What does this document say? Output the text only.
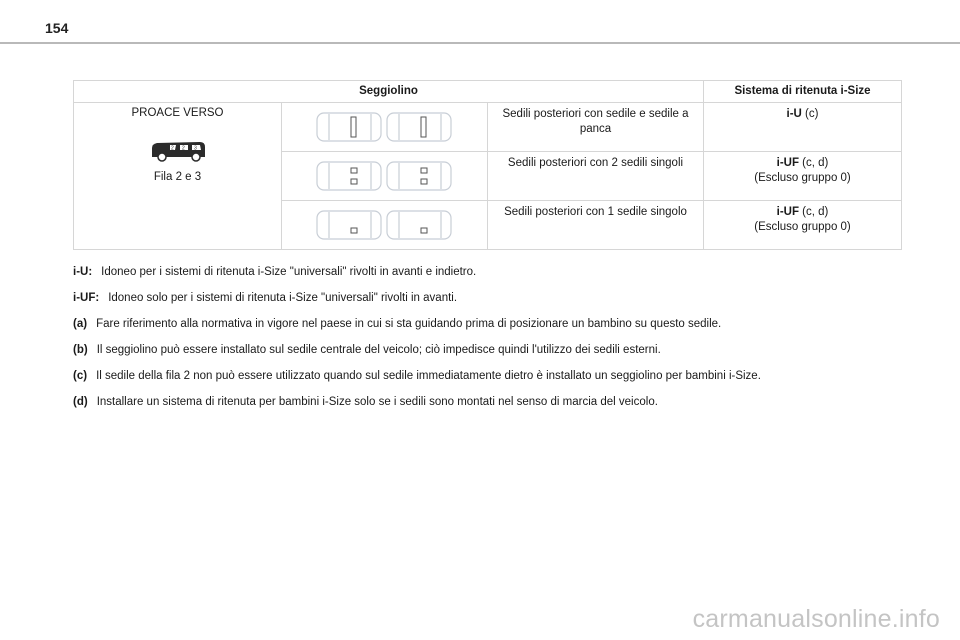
154
Seggiolino			Sistema di ritenuta i-Size

PROACE VERSO
2 2 3
Fila 2 e 3		Sedili posteriori con sedile e sedile a panca	i-U (c)

	Sedili posteriori con 2 sedili singoli	i-UF (c, d)
(Escluso gruppo 0)

	Sedili posteriori con 1 sedile singolo	i-UF (c, d)
(Escluso gruppo 0)
i-U: Idoneo per i sistemi di ritenuta i-Size "universali" rivolti in avanti e indietro.
i-UF: Idoneo solo per i sistemi di ritenuta i-Size "universali" rivolti in avanti.
(a) Fare riferimento alla normativa in vigore nel paese in cui si sta guidando prima di posizionare un bambino su questo sedile.
(b) Il seggiolino può essere installato sul sedile centrale del veicolo; ciò impedisce quindi l'utilizzo dei sedili esterni.
(c) Il sedile della fila 2 non può essere utilizzato quando sul sedile immediatamente dietro è installato un seggiolino per bambini i-Size.
(d) Installare un sistema di ritenuta per bambini i-Size solo se i sedili sono montati nel senso di marcia del veicolo.
carmanualsonline.info
